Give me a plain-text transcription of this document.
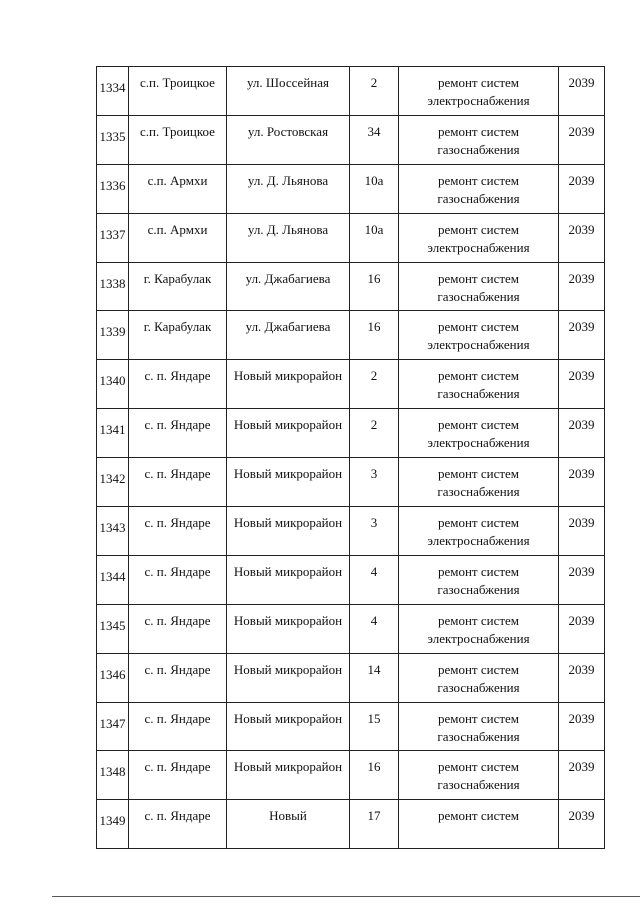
1334	с.п. Троицкое	ул. Шоссейная	2	ремонт систем электроснабжения	2039
1335	с.п. Троицкое	ул. Ростовская	34	ремонт систем газоснабжения	2039
1336	с.п. Армхи	ул. Д. Льянова	10а	ремонт систем газоснабжения	2039
1337	с.п. Армхи	ул. Д. Льянова	10а	ремонт систем электроснабжения	2039
1338	г. Карабулак	ул. Джабагиева	16	ремонт систем газоснабжения	2039
1339	г. Карабулак	ул. Джабагиева	16	ремонт систем электроснабжения	2039
1340	с. п. Яндаре	Новый микрорайон	2	ремонт систем газоснабжения	2039
1341	с. п. Яндаре	Новый микрорайон	2	ремонт систем электроснабжения	2039
1342	с. п. Яндаре	Новый микрорайон	3	ремонт систем газоснабжения	2039
1343	с. п. Яндаре	Новый микрорайон	3	ремонт систем электроснабжения	2039
1344	с. п. Яндаре	Новый микрорайон	4	ремонт систем газоснабжения	2039
1345	с. п. Яндаре	Новый микрорайон	4	ремонт систем электроснабжения	2039
1346	с. п. Яндаре	Новый микрорайон	14	ремонт систем газоснабжения	2039
1347	с. п. Яндаре	Новый микрорайон	15	ремонт систем газоснабжения	2039
1348	с. п. Яндаре	Новый микрорайон	16	ремонт систем газоснабжения	2039
1349	с. п. Яндаре	Новый	17	ремонт систем	2039
